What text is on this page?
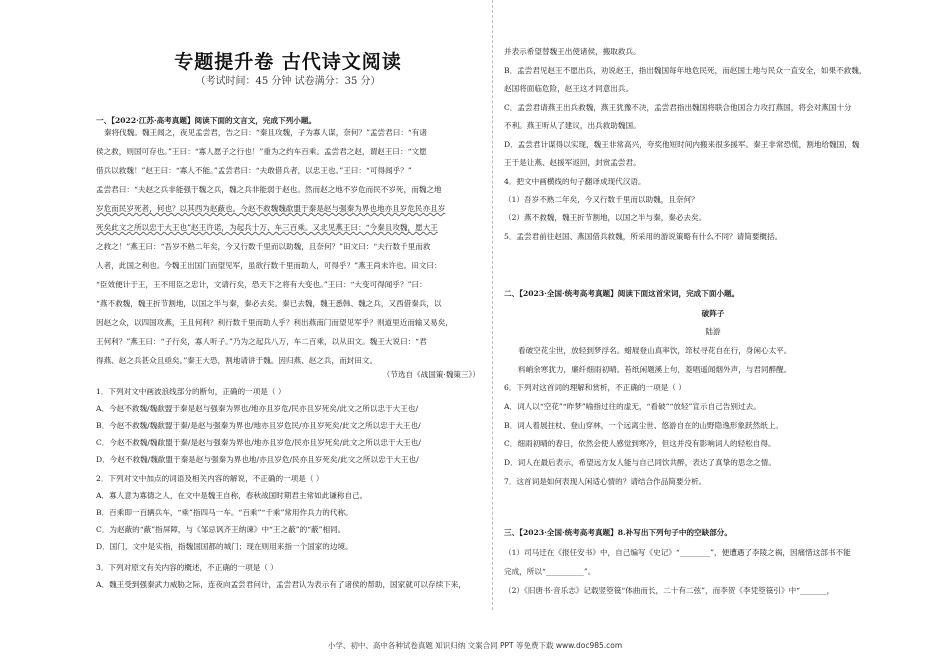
专题提升卷 古代诗文阅读
（考试时间：45 分钟 试卷满分：35 分）
一、【2022·江苏·高考真题】阅读下面的文言文，完成下列小题。
秦将伐魏。魏王闻之，夜见孟尝君，告之曰：“秦且攻魏，子为寡人谋，奈何？”孟尝君曰：“有诸
侯之救，则国可存也。”王曰：“寡人愿子之行也！”重为之约车百乘。孟尝君之赵，谓赵王曰：“文愿
借兵以救魏！”赵王曰：“寡人不能。”孟尝君曰：“夫敢借兵者，以忠王也。”王曰：“可得闻乎？”
孟尝君曰：“夫赵之兵非能强于魏之兵，魏之兵非能弱于赵也。然而赵之地不岁危而民不岁死，而魏之地
岁危而民岁死者，何也？以其西为赵蔽也。今赵不救魏魏歃盟于秦是赵与强秦为界也地亦且岁危民亦且岁
死矣此文之所以忠于大王也”赵王许诺，为起兵十万、车三百乘。又北见燕王曰：“今秦且攻魏，愿大王
之救之！”燕王曰：“吾岁不熟二年矣，今又行数千里而以助魏，且奈何？”田文曰：“夫行数千里而救
人者，此国之利也。今魏王出国门而望见军，虽欲行数千里而助人，可得乎？”燕王尚未许也。田文曰：
“臣效便计于王，王不用臣之忠计，文请行矣，恐天下之将有大变也。”王曰：“大变可得闻乎？”曰：
“燕不救魏，魏王折节割地，以国之半与秦，秦必去矣。秦已去魏，魏王悉韩、魏之兵，又西借秦兵，以
因赵之众，以四国攻燕，王且何利？利行数千里而助人乎？利出燕南门而望见军乎？则道里近而输又易矣，
王何利？”燕王曰：“子行矣，寡人听子。”乃为之起兵八万，车二百乘，以从田文。魏王大说曰：“君
得燕、赵之兵甚众且亟矣。”秦王大恐，割地请讲于魏。因归燕、赵之兵，而封田文。
（节选自《战国策·魏策三》）
1．下列对文中画波浪线部分的断句，正确的一项是（ ）
A．今赵不救魏/魏歃盟于秦是赵与强秦为界也/地亦且岁危/民亦且岁死矣/此文之所以忠于大王也/
B．今赵不救魏/魏歃盟于秦/是赵与强秦为界也/地亦且岁危民/亦且岁死矣/此文之所以忠于大王也/
C．今赵不救魏/魏歃盟于秦/是赵与强秦为界也/地亦且岁危/民亦且岁死矣/此文之所以忠于大王也/
D．今赵不救魏/魏歃盟于秦是赵与强秦为界也地/亦且岁危/民亦且岁死矣/此文之所以忠于大王也/
2．下列对文中加点的词语及相关内容的解说，不正确的一项是（ ）
A．寡人意为寡德之人，在文中是魏王自称，春秋战国时期君主常如此谦称自己。
B．百乘即一百辆兵车，“乘”指四马一车。“百乘”“千乘”常用作兵力的代称。
C．为赵蔽的“蔽”指屏障，与《邹忌讽齐王纳谏》中“王之蔽”的“蔽”相同。
D．国门，文中是实指，指魏国国都的城门；现在则用来指一个国家的边境。
3．下列对原文有关内容的概述，不正确的一项是（ ）
A．魏王受到强秦武力威胁之际，连夜向孟尝君问计，孟尝君认为表示有了诸侯的帮助，国家就可以存续下来，
并表示希望替魏王出使诸侯，搬取救兵。
B．孟尝君见赵王不愿出兵，劝说赵王，指出魏国每年地危民死，而赵国土地与民众一直安全，如果不救魏，
赵国将面临危险，赵王这才同意出兵。
C．孟尝君请燕王出兵救魏，燕王犹豫不决，孟尝君指出魏国将联合他国合力攻打燕国，将会对燕国十分
不利。燕王听从了建议，出兵救助魏国。
D．孟尝君计谋得以实现，魏王非常高兴，夸奖他短时间内搬来很多援军。秦王非常恐慌，割地给魏国，魏
王于是让燕、赵援军返回，封赏孟尝君。
4．把文中画横线的句子翻译成现代汉语。
（1）吾岁不熟二年矣，今又行数千里而以助魏，且奈何？
（2）燕不救魏，魏王折节割地，以国之半与秦，秦必去矣。
5．孟尝君前往赵国、燕国借兵救魏，所采用的游说策略有什么不同？请简要概括。
二、【2023·全国·统考高考真题】阅读下面这首宋词，完成下面小题。
破阵子
陆游
看破空花尘世，放轻到梦浮名。蜡屐登山真率饮，筇杖寻花自在行，身闲心太平。
料峭余寒犹力，廉纤细雨初晴。苔纸闲题溪上句，菱唱遥闻烟外声，与君同醉醒。
6．下列对这首词的理解和赏析，不正确的一项是（ ）
A．词人以“空花”“昨梦”喻指过往的虚无，“看破”“放轻”宣示自己告别过去。
B．词人着展拄杖、登山穿林，一个远离尘世、悠游自在的山野隐逸形象跃然纸上。
C．细雨初晴的春日，依然会使人感觉到寒冷，但这并没有影响词人的轻松自得。
D．词人在最后表示，希望远方友人能与自己同饮共醉，表达了真挚的思念之情。
7．这首词是如何表现人闲适心情的？请结合作品简要分析。
三、【2023·全国·统考高考真题】8.补写出下列句子中的空缺部分。
（1）司马迁在《报任安书》中，自己编写《史记》“________”，便遭遇了李陵之祸，因痛惜这部书不能
完成，所以“__________”。
（2）《旧唐书·音乐志》记载竖箜篌“体曲而长，二十有二弦”，而李贺《李凭箜篌引》中“_______，
小学、初中、高中各种试卷真题 知识归纳 文案合同 PPT 等免费下载 www.doc985.com
